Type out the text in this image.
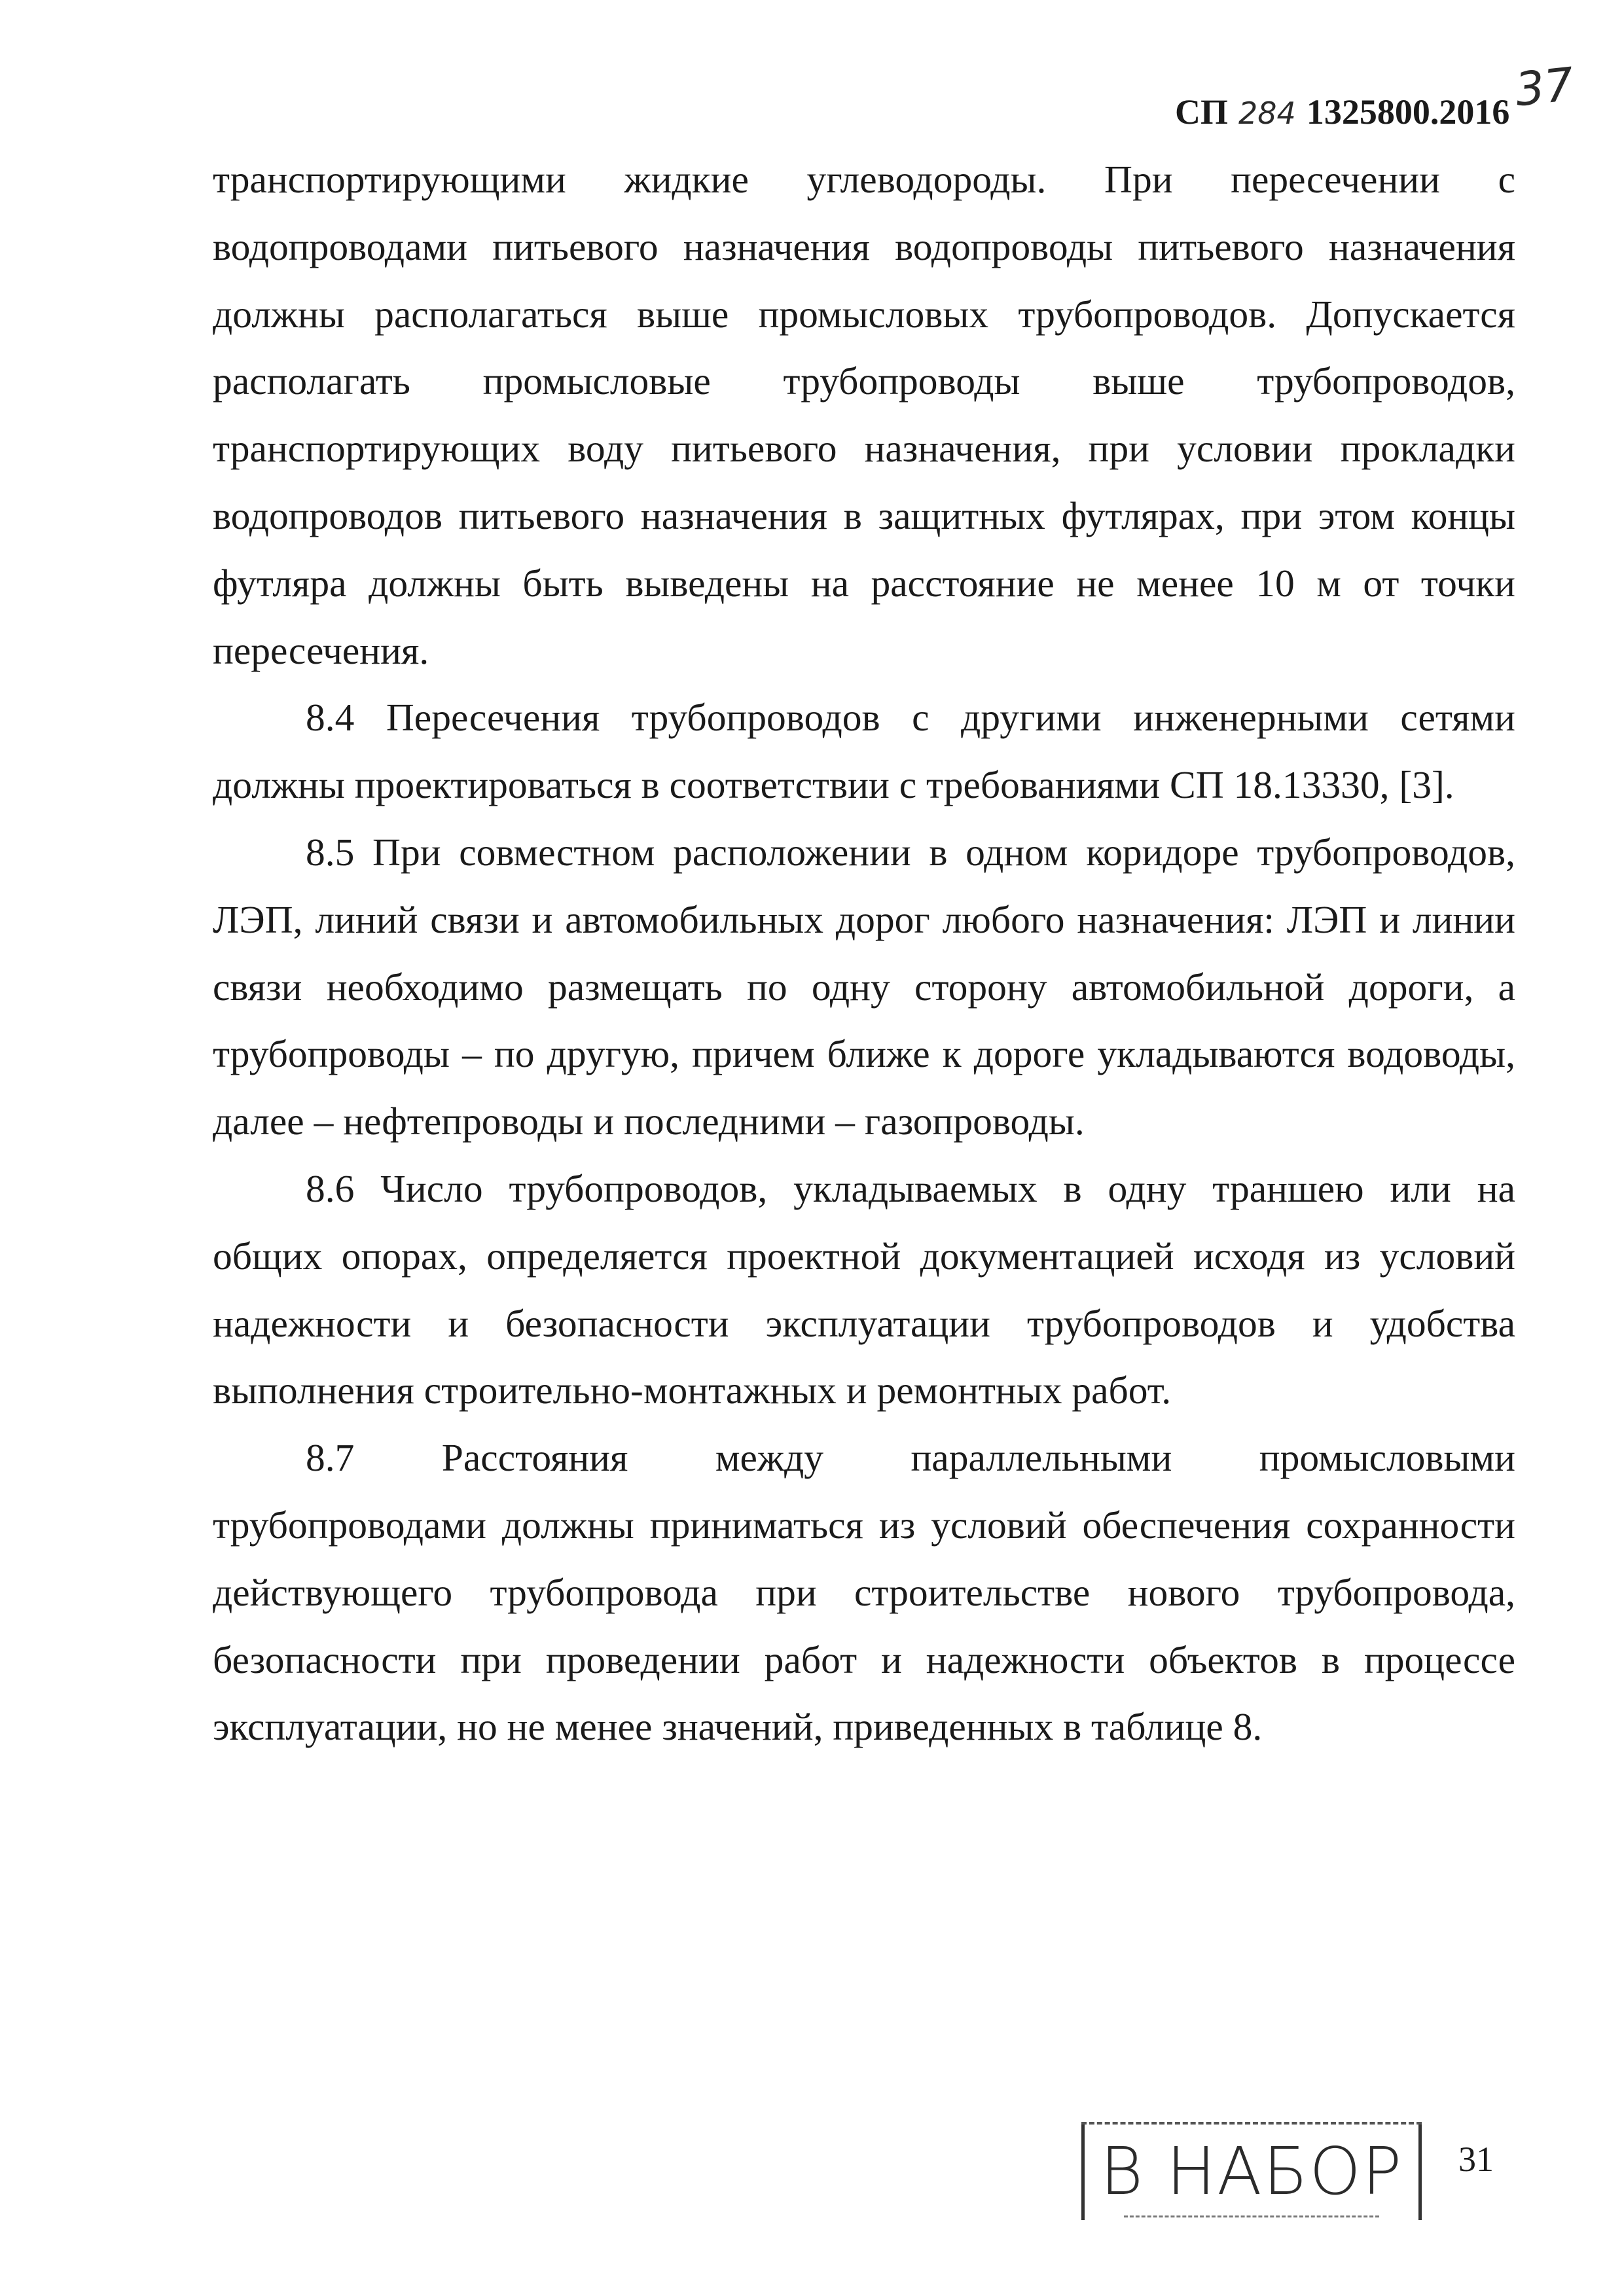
СП 284 1325800.2016 37
транспортирующими жидкие углеводороды. При пересечении с
водопроводами питьевого назначения водопроводы питьевого назначения
должны располагаться выше промысловых трубопроводов. Допускается
располагать промысловые трубопроводы выше трубопроводов,
транспортирующих воду питьевого назначения, при условии прокладки
водопроводов питьевого назначения в защитных футлярах, при этом концы
футляра должны быть выведены на расстояние не менее 10 м от точки
пересечения.
8.4 Пересечения трубопроводов с другими инженерными сетями
должны проектироваться в соответствии с требованиями СП 18.13330, [3].
8.5 При совместном расположении в одном коридоре трубопроводов,
ЛЭП, линий связи и автомобильных дорог любого назначения: ЛЭП и линии
связи необходимо размещать по одну сторону автомобильной дороги, а
трубопроводы – по другую, причем ближе к дороге укладываются водоводы,
далее – нефтепроводы и последними – газопроводы.
8.6 Число трубопроводов, укладываемых в одну траншею или на
общих опорах, определяется проектной документацией исходя из условий
надежности и безопасности эксплуатации трубопроводов и удобства
выполнения строительно-монтажных и ремонтных работ.
8.7 Расстояния между параллельными промысловыми
трубопроводами должны приниматься из условий обеспечения сохранности
действующего трубопровода при строительстве нового трубопровода,
безопасности при проведении работ и надежности объектов в процессе
эксплуатации, но не менее значений, приведенных в таблице 8.
В НАБОР 31
